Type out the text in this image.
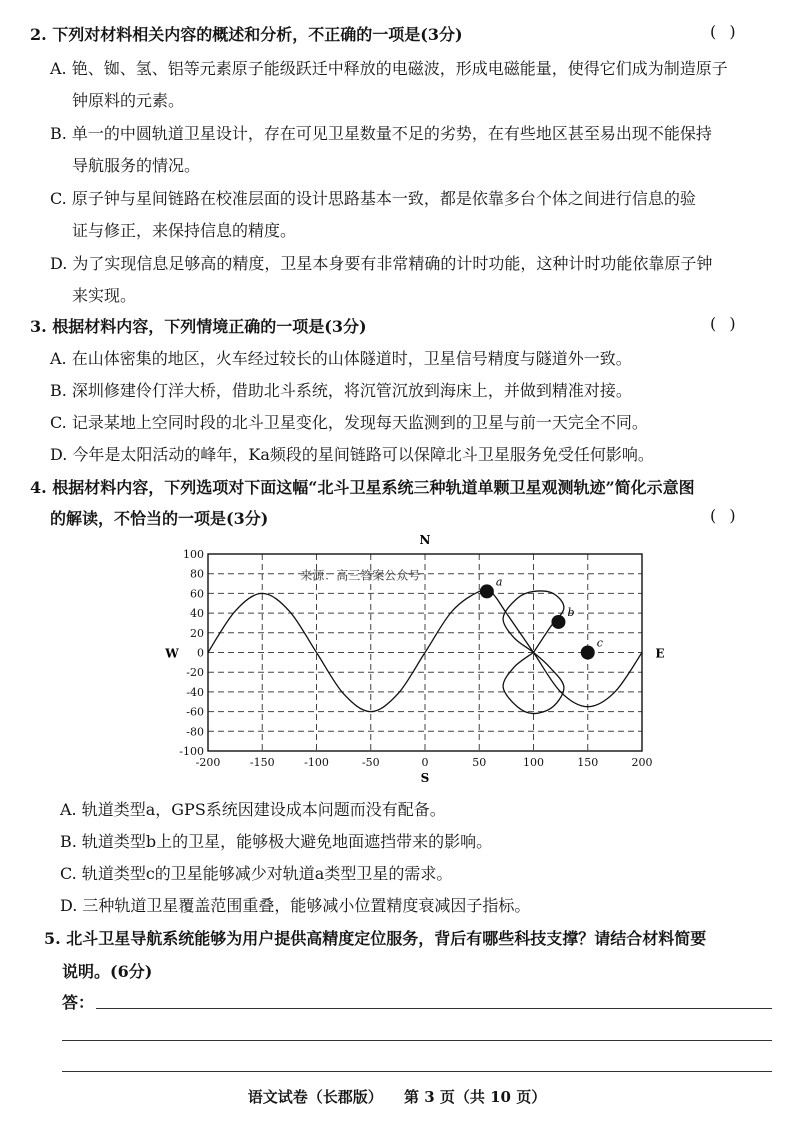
2. 下列对材料相关内容的概述和分析，不正确的一项是(3分)	( )
A. 铯、铷、氢、铝等元素原子能级跃迁中释放的电磁波，形成电磁能量，使得它们成为制造原子
钟原料的元素。
B. 单一的中圆轨道卫星设计，存在可见卫星数量不足的劣势，在有些地区甚至易出现不能保持
导航服务的情况。
C. 原子钟与星间链路在校准层面的设计思路基本一致，都是依靠多台个体之间进行信息的验
证与修正，来保持信息的精度。
D. 为了实现信息足够高的精度，卫星本身要有非常精确的计时功能，这种计时功能依靠原子钟
来实现。
3. 根据材料内容，下列情境正确的一项是(3分)	( )
A. 在山体密集的地区，火车经过较长的山体隧道时，卫星信号精度与隧道外一致。
B. 深圳修建伶仃洋大桥，借助北斗系统，将沉管沉放到海床上，并做到精准对接。
C. 记录某地上空同时段的北斗卫星变化，发现每天监测到的卫星与前一天完全不同。
D. 今年是太阳活动的峰年，Ka频段的星间链路可以保障北斗卫星服务免受任何影响。
4. 根据材料内容，下列选项对下面这幅“北斗卫星系统三种轨道单颗卫星观测轨迹”简化示意图
的解读，不恰当的一项是(3分)	( )
100
80
60
40
20
0
-20
-40
-60
-80
-100
-200	-150	-100	-50	0	50	100	150	200
N
S
W	E
来源：高三答案公众号	a
b
c
A. 轨道类型a，GPS系统因建设成本问题而没有配备。
B. 轨道类型b上的卫星，能够极大避免地面遮挡带来的影响。
C. 轨道类型c的卫星能够减少对轨道a类型卫星的需求。
D. 三种轨道卫星覆盖范围重叠，能够减小位置精度衰减因子指标。
5. 北斗卫星导航系统能够为用户提供高精度定位服务，背后有哪些科技支撑？请结合材料简要
说明。(6分)
答：
语文试卷（长郡版） 第 3 页（共 10 页）
